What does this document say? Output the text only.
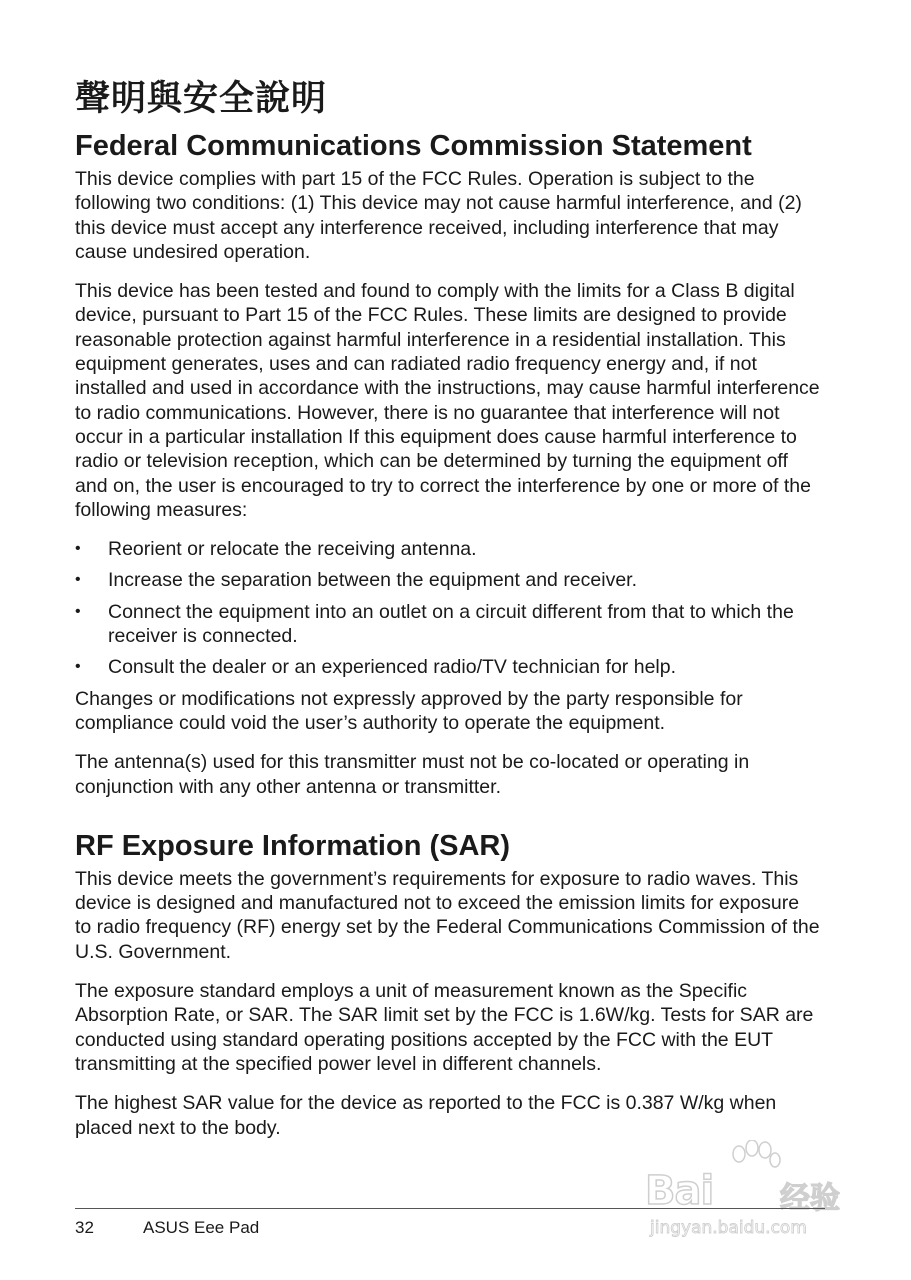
聲明與安全說明
Federal Communications Commission Statement

This device complies with part 15 of the FCC Rules. Operation is subject to the following two conditions: (1) This device may not cause harmful interference, and (2) this device must accept any interference received, including interference that may cause undesired operation.

This device has been tested and found to comply with the limits for a Class B digital device, pursuant to Part 15 of the FCC Rules. These limits are designed to provide reasonable protection against harmful interference in a residential installation. This equipment generates, uses and can radiated radio frequency energy and, if not installed and used in accordance with the instructions, may cause harmful interference to radio communications. However, there is no guarantee that interference will not occur in a particular installation If this equipment does cause harmful interference to radio or television reception, which can be determined by turning the equipment off and on, the user is encouraged to try to correct the interference by one or more of the following measures:

• Reorient or relocate the receiving antenna.
• Increase the separation between the equipment and receiver.
• Connect the equipment into an outlet on a circuit different from that to which the receiver is connected.
• Consult the dealer or an experienced radio/TV technician for help.

Changes or modifications not expressly approved by the party responsible for compliance could void the user’s authority to operate the equipment.

The antenna(s) used for this transmitter must not be co-located or operating in conjunction with any other antenna or transmitter.

RF Exposure Information (SAR)

This device meets the government’s requirements for exposure to radio waves. This device is designed and manufactured not to exceed the emission limits for exposure to radio frequency (RF) energy set by the Federal Communications Commission of the U.S. Government.

The exposure standard employs a unit of measurement known as the Specific Absorption Rate, or SAR. The SAR limit set by the FCC is 1.6W/kg. Tests for SAR are conducted using standard operating positions accepted by the FCC with the EUT transmitting at the specified power level in different channels.

The highest SAR value for the device as reported to the FCC is 0.387 W/kg when placed next to the body.

Bai 经验
jingyan.baidu.com
32	ASUS Eee Pad
